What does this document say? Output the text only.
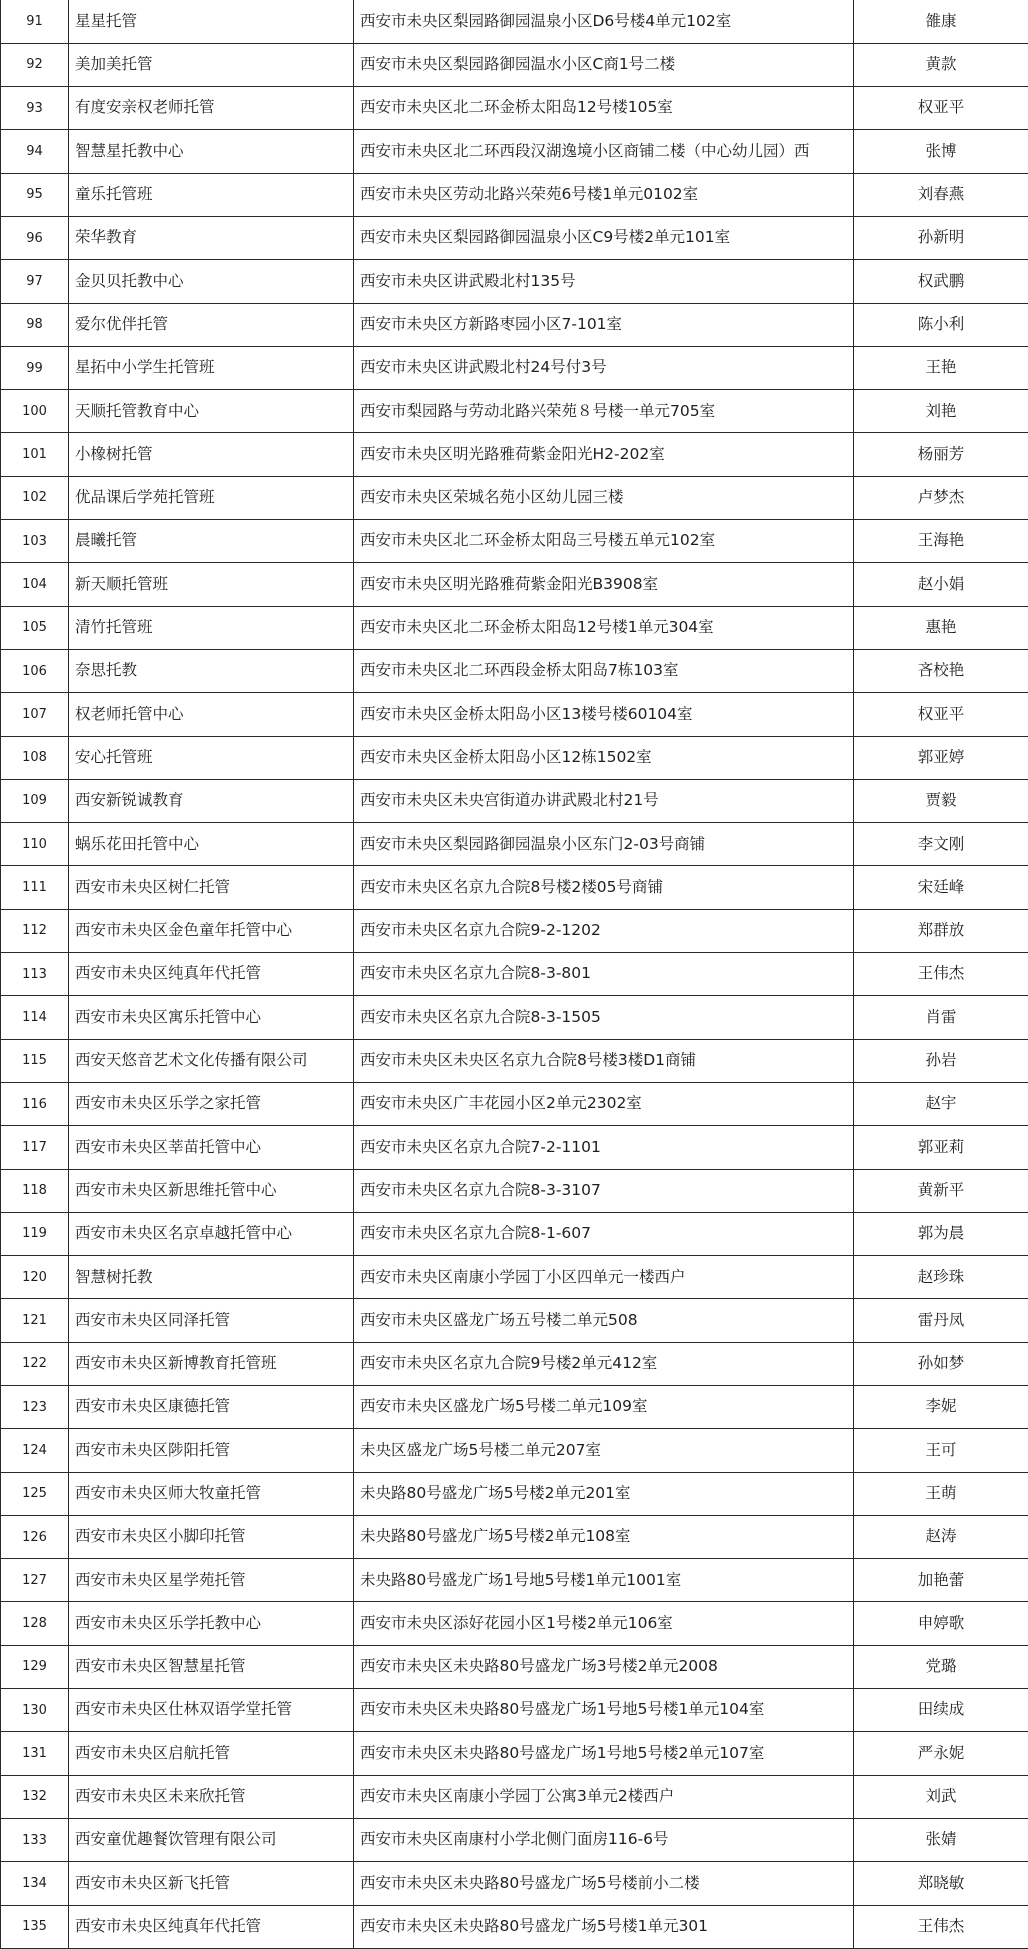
91	星星托管	西安市未央区梨园路御园温泉小区D6号楼4单元102室	雒康
92	美加美托管	西安市未央区梨园路御园温水小区C商1号二楼	黄款
93	有度安亲权老师托管	西安市未央区北二环金桥太阳岛12号楼105室	权亚平
94	智慧星托教中心	西安市未央区北二环西段汉湖逸境小区商铺二楼（中心幼儿园）西	张博
95	童乐托管班	西安市未央区劳动北路兴荣苑6号楼1单元0102室	刘春燕
96	荣华教育	西安市未央区梨园路御园温泉小区C9号楼2单元101室	孙新明
97	金贝贝托教中心	西安市未央区讲武殿北村135号	权武鹏
98	爱尔优伴托管	西安市未央区方新路枣园小区7-101室	陈小利
99	星拓中小学生托管班	西安市未央区讲武殿北村24号付3号	王艳
100	天顺托管教育中心	西安市梨园路与劳动北路兴荣苑８号楼一单元705室	刘艳
101	小橡树托管	西安市未央区明光路雅荷紫金阳光H2-202室	杨丽芳
102	优品课后学苑托管班	西安市未央区荣城名苑小区幼儿园三楼	卢梦杰
103	晨曦托管	西安市未央区北二环金桥太阳岛三号楼五单元102室	王海艳
104	新天顺托管班	西安市未央区明光路雅荷紫金阳光B3908室	赵小娟
105	清竹托管班	西安市未央区北二环金桥太阳岛12号楼1单元304室	惠艳
106	奈思托教	西安市未央区北二环西段金桥太阳岛7栋103室	吝校艳
107	权老师托管中心	西安市未央区金桥太阳岛小区13楼号楼60104室	权亚平
108	安心托管班	西安市未央区金桥太阳岛小区12栋1502室	郭亚婷
109	西安新锐诚教育	西安市未央区未央宫街道办讲武殿北村21号	贾毅
110	蜗乐花田托管中心	西安市未央区梨园路御园温泉小区东门2-03号商铺	李文刚
111	西安市未央区树仁托管	西安市未央区名京九合院8号楼2楼05号商铺	宋廷峰
112	西安市未央区金色童年托管中心	西安市未央区名京九合院9-2-1202	郑群放
113	西安市未央区纯真年代托管	西安市未央区名京九合院8-3-801	王伟杰
114	西安市未央区寓乐托管中心	西安市未央区名京九合院8-3-1505	肖雷
115	西安天悠音艺术文化传播有限公司	西安市未央区未央区名京九合院8号楼3楼D1商铺	孙岩
116	西安市未央区乐学之家托管	西安市未央区广丰花园小区2单元2302室	赵宇
117	西安市未央区莘苗托管中心	西安市未央区名京九合院7-2-1101	郭亚莉
118	西安市未央区新思维托管中心	西安市未央区名京九合院8-3-3107	黄新平
119	西安市未央区名京卓越托管中心	西安市未央区名京九合院8-1-607	郭为晨
120	智慧树托教	西安市未央区南康小学园丁小区四单元一楼西户	赵珍珠
121	西安市未央区同泽托管	西安市未央区盛龙广场五号楼二单元508	雷丹凤
122	西安市未央区新博教育托管班	西安市未央区名京九合院9号楼2单元412室	孙如梦
123	西安市未央区康德托管	西安市未央区盛龙广场5号楼二单元109室	李妮
124	西安市未央区陟阳托管	未央区盛龙广场5号楼二单元207室	王可
125	西安市未央区师大牧童托管	未央路80号盛龙广场5号楼2单元201室	王萌
126	西安市未央区小脚印托管	未央路80号盛龙广场5号楼2单元108室	赵涛
127	西安市未央区星学苑托管	未央路80号盛龙广场1号地5号楼1单元1001室	加艳蕾
128	西安市未央区乐学托教中心	西安市未央区添好花园小区1号楼2单元106室	申婷歌
129	西安市未央区智慧星托管	西安市未央区未央路80号盛龙广场3号楼2单元2008	党璐
130	西安市未央区仕林双语学堂托管	西安市未央区未央路80号盛龙广场1号地5号楼1单元104室	田续成
131	西安市未央区启航托管	西安市未央区未央路80号盛龙广场1号地5号楼2单元107室	严永妮
132	西安市未央区未来欣托管	西安市未央区南康小学园丁公寓3单元2楼西户	刘武
133	西安童优趣餐饮管理有限公司	西安市未央区南康村小学北侧门面房116-6号	张婧
134	西安市未央区新飞托管	西安市未央区未央路80号盛龙广场5号楼前小二楼	郑晓敏
135	西安市未央区纯真年代托管	西安市未央区未央路80号盛龙广场5号楼1单元301	王伟杰
